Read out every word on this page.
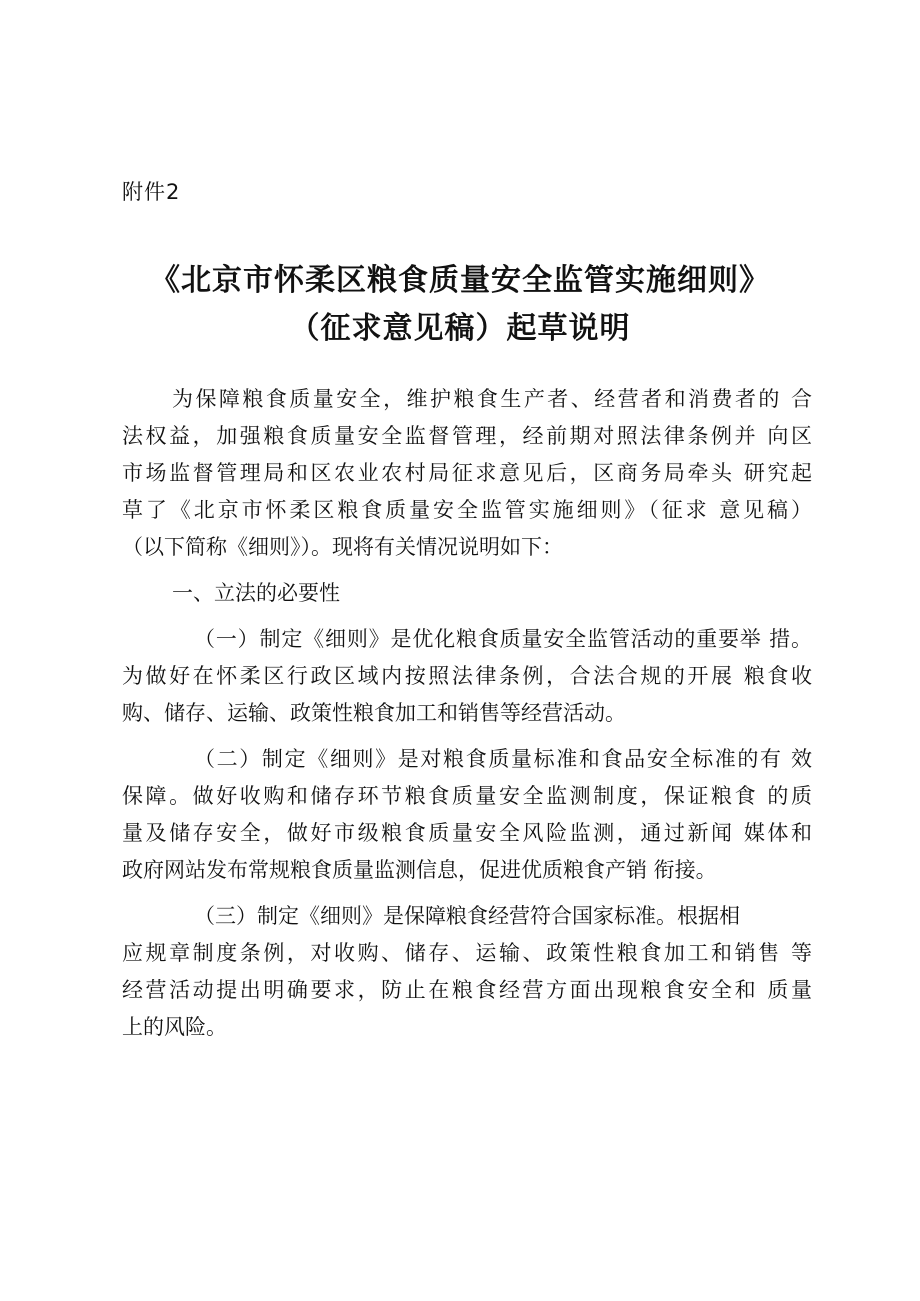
附件2
《北京市怀柔区粮食质量安全监管实施细则》
（征求意见稿）起草说明
为保障粮食质量安全，维护粮食生产者、经营者和消费者的 合
法权益，加强粮食质量安全监督管理，经前期对照法律条例并 向区
市场监督管理局和区农业农村局征求意见后，区商务局牵头 研究起
草了《北京市怀柔区粮食质量安全监管实施细则》（征求 意见稿）
（以下简称《细则》）。现将有关情况说明如下：
一、立法的必要性
（一）制定《细则》是优化粮食质量安全监管活动的重要举 措。
为做好在怀柔区行政区域内按照法律条例，合法合规的开展 粮食收
购、储存、运输、政策性粮食加工和销售等经营活动。
（二）制定《细则》是对粮食质量标准和食品安全标准的有 效
保障。做好收购和储存环节粮食质量安全监测制度，保证粮食 的质
量及储存安全，做好市级粮食质量安全风险监测，通过新闻 媒体和
政府网站发布常规粮食质量监测信息，促进优质粮食产销 衔接。
（三）制定《细则》是保障粮食经营符合国家标准。根据相
应规章制度条例，对收购、储存、运输、政策性粮食加工和销售 等
经营活动提出明确要求，防止在粮食经营方面出现粮食安全和 质量
上的风险。
